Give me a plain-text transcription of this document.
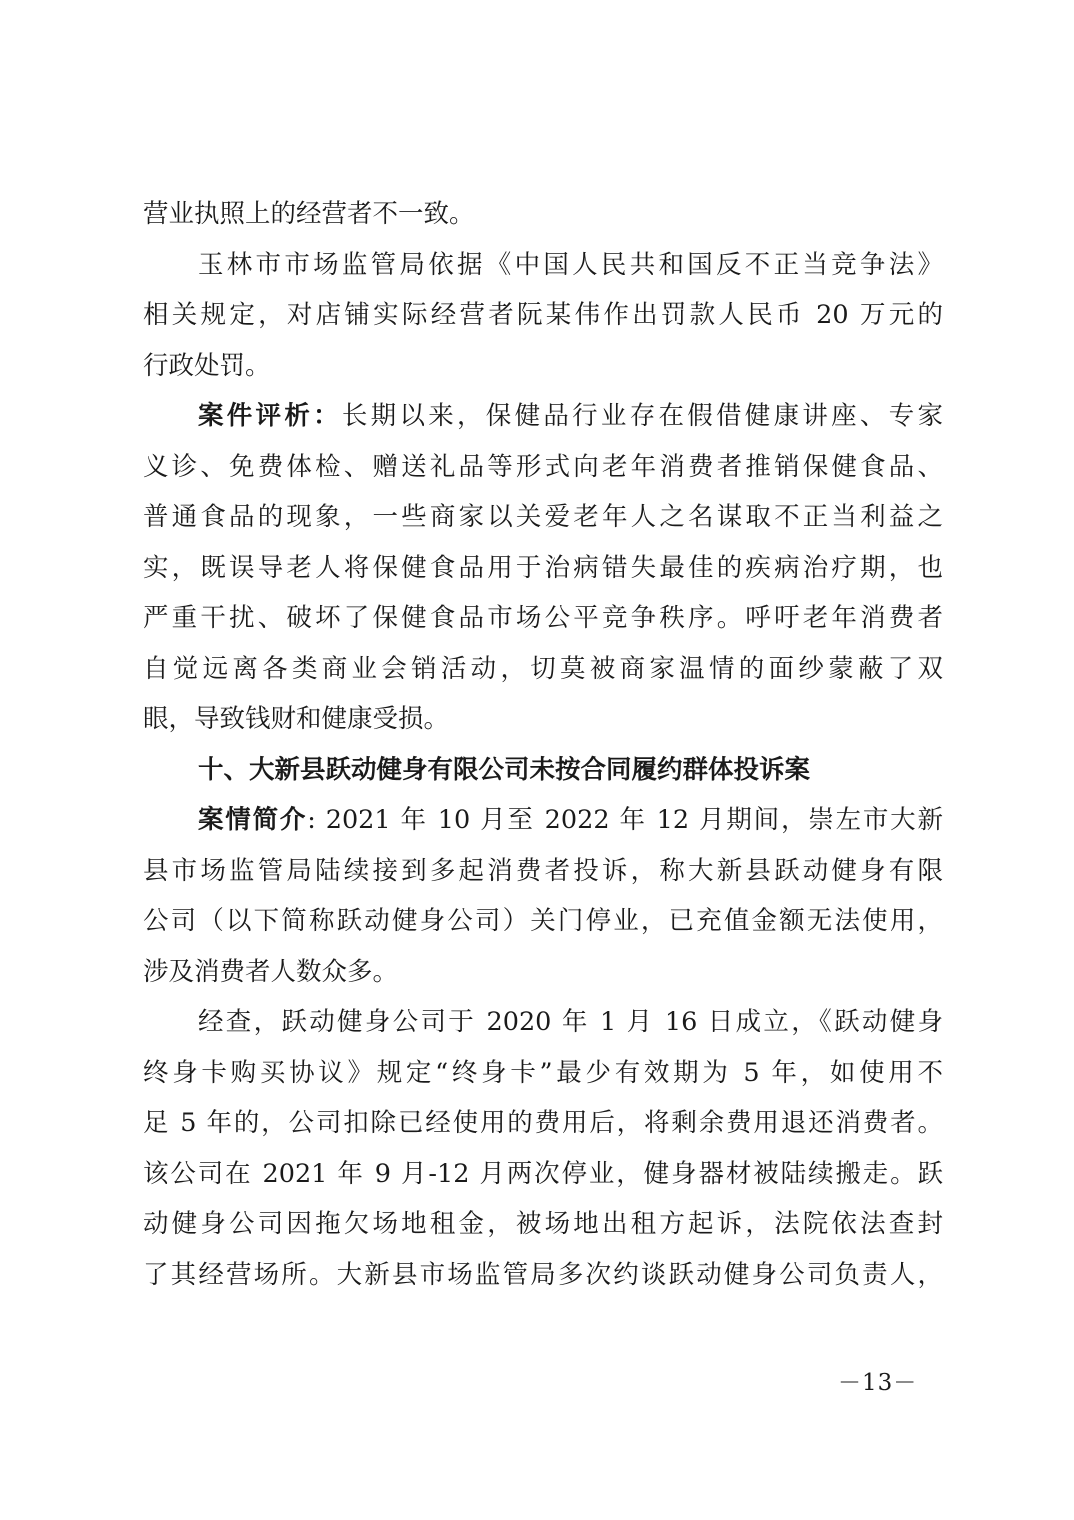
营业执照上的经营者不一致。
玉林市市场监管局依据《中国人民共和国反不正当竞争法》
相关规定，对店铺实际经营者阮某伟作出罚款人民币 20 万元的
行政处罚。
案件评析：长期以来，保健品行业存在假借健康讲座、专家
义诊、免费体检、赠送礼品等形式向老年消费者推销保健食品、
普通食品的现象，一些商家以关爱老年人之名谋取不正当利益之
实，既误导老人将保健食品用于治病错失最佳的疾病治疗期，也
严重干扰、破坏了保健食品市场公平竞争秩序。呼吁老年消费者
自觉远离各类商业会销活动，切莫被商家温情的面纱蒙蔽了双
眼，导致钱财和健康受损。
十、大新县跃动健身有限公司未按合同履约群体投诉案
案情简介: 2021 年 10 月至 2022 年 12 月期间，崇左市大新
县市场监管局陆续接到多起消费者投诉，称大新县跃动健身有限
公司（以下简称跃动健身公司）关门停业，已充值金额无法使用，
涉及消费者人数众多。
经查，跃动健身公司于 2020 年 1 月 16 日成立，《跃动健身
终身卡购买协议》规定“终身卡”最少有效期为 5 年，如使用不
足 5 年的，公司扣除已经使用的费用后，将剩余费用退还消费者。
该公司在 2021 年 9 月-12 月两次停业，健身器材被陆续搬走。跃
动健身公司因拖欠场地租金，被场地出租方起诉，法院依法查封
了其经营场所。大新县市场监管局多次约谈跃动健身公司负责人，
－13－
